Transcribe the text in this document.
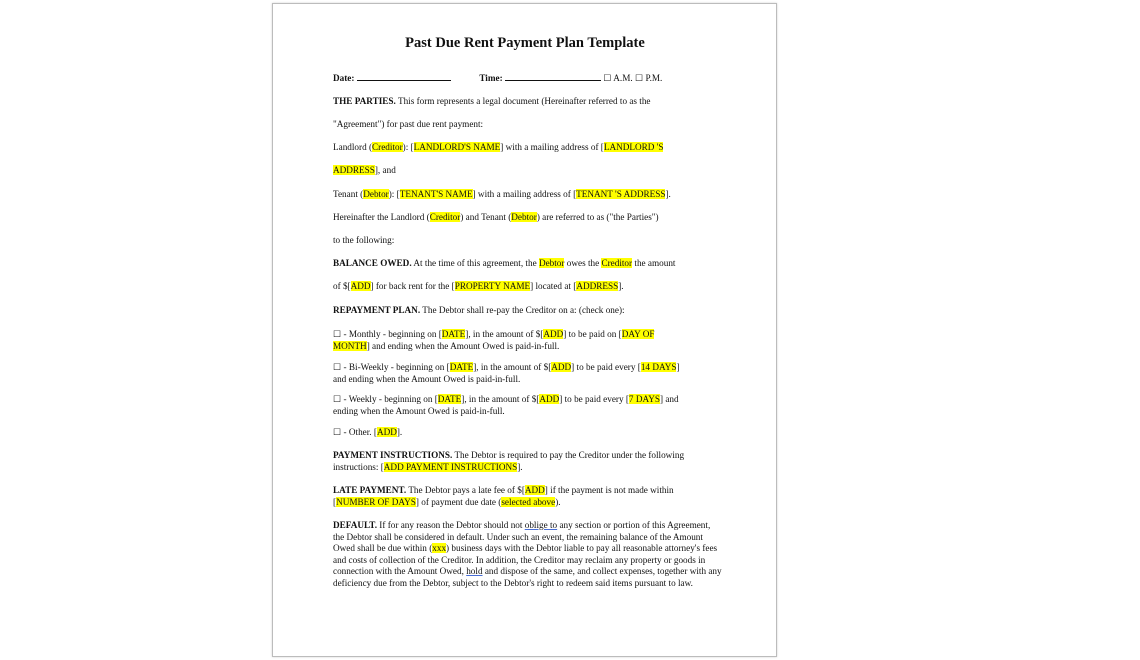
Past Due Rent Payment Plan Template
Date:	Time:	☐ A.M. ☐ P.M.
THE PARTIES. This form represents a legal document (Hereinafter referred to as the
"Agreement") for past due rent payment:
Landlord (Creditor): [LANDLORD'S NAME] with a mailing address of [LANDLORD 'S
ADDRESS], and
Tenant (Debtor): [TENANT'S NAME] with a mailing address of [TENANT 'S ADDRESS].
Hereinafter the Landlord (Creditor) and Tenant (Debtor) are referred to as ("the Parties")
to the following:
BALANCE OWED. At the time of this agreement, the Debtor owes the Creditor the amount
of $[ADD] for back rent for the [PROPERTY NAME] located at [ADDRESS].
REPAYMENT PLAN. The Debtor shall re-pay the Creditor on a: (check one):
☐ - Monthly - beginning on [DATE], in the amount of $[ADD] to be paid on [DAY OF
MONTH] and ending when the Amount Owed is paid-in-full.
☐ - Bi-Weekly - beginning on [DATE], in the amount of $[ADD] to be paid every [14 DAYS]
and ending when the Amount Owed is paid-in-full.
☐ - Weekly - beginning on [DATE], in the amount of $[ADD] to be paid every [7 DAYS] and
ending when the Amount Owed is paid-in-full.
☐ - Other. [ADD].
PAYMENT INSTRUCTIONS. The Debtor is required to pay the Creditor under the following
instructions: [ADD PAYMENT INSTRUCTIONS].
LATE PAYMENT. The Debtor pays a late fee of $[ADD] if the payment is not made within
[NUMBER OF DAYS] of payment due date (selected above).
DEFAULT. If for any reason the Debtor should not oblige to any section or portion of this Agreement, the Debtor shall be considered in default. Under such an event, the remaining balance of the Amount Owed shall be due within (xxx) business days with the Debtor liable to pay all reasonable attorney's fees and costs of collection of the Creditor. In addition, the Creditor may reclaim any property or goods in connection with the Amount Owed, hold and dispose of the same, and collect expenses, together with any deficiency due from the Debtor, subject to the Debtor's right to redeem said items pursuant to law.
